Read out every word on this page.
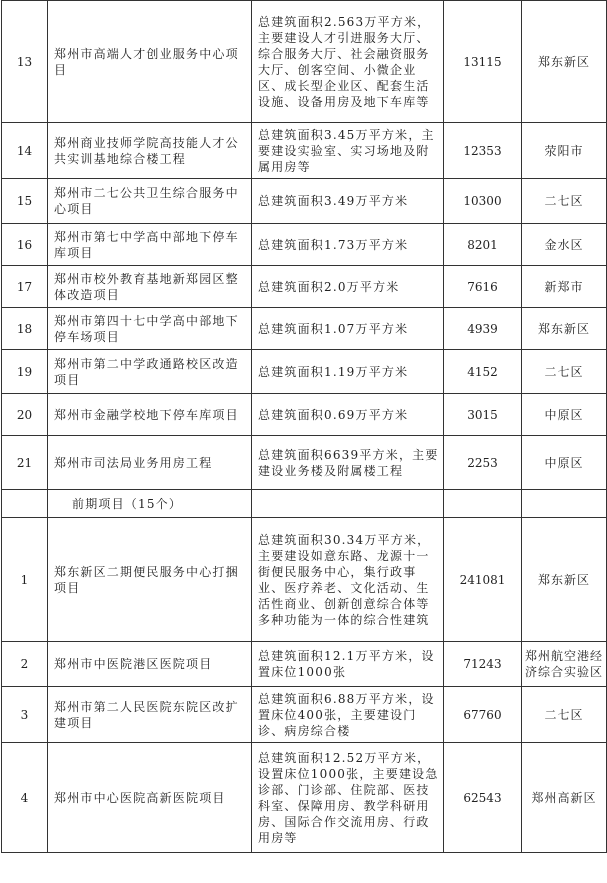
13	郑州市高端人才创业服务中心项目	总建筑面积2.563万平方米，主要建设人才引进服务大厅、综合服务大厅、社会融资服务大厅、创客空间、小微企业区、成长型企业区、配套生活设施、设备用房及地下车库等	13115	郑东新区
14	郑州商业技师学院高技能人才公共实训基地综合楼工程	总建筑面积3.45万平方米，主要建设实验室、实习场地及附属用房等	12353	荥阳市
15	郑州市二七公共卫生综合服务中心项目	总建筑面积3.49万平方米	10300	二七区
16	郑州市第七中学高中部地下停车库项目	总建筑面积1.73万平方米	8201	金水区
17	郑州市校外教育基地新郑园区整体改造项目	总建筑面积2.0万平方米	7616	新郑市
18	郑州市第四十七中学高中部地下停车场项目	总建筑面积1.07万平方米	4939	郑东新区
19	郑州市第二中学政通路校区改造项目	总建筑面积1.19万平方米	4152	二七区
20	郑州市金融学校地下停车库项目	总建筑面积0.69万平方米	3015	中原区
21	郑州市司法局业务用房工程	总建筑面积6639平方米，主要建设业务楼及附属楼工程	2253	中原区
	前期项目（15个）			
1	郑东新区二期便民服务中心打捆项目	总建筑面积30.34万平方米，主要建设如意东路、龙源十一街便民服务中心，集行政事业、医疗养老、文化活动、生活性商业、创新创意综合体等多种功能为一体的综合性建筑	241081	郑东新区
2	郑州市中医院港区医院项目	总建筑面积12.1万平方米，设置床位1000张	71243	郑州航空港经济综合实验区
3	郑州市第二人民医院东院区改扩建项目	总建筑面积6.88万平方米，设置床位400张，主要建设门诊、病房综合楼	67760	二七区
4	郑州市中心医院高新医院项目	总建筑面积12.52万平方米，设置床位1000张，主要建设急诊部、门诊部、住院部、医技科室、保障用房、教学科研用房、国际合作交流用房、行政用房等	62543	郑州高新区
